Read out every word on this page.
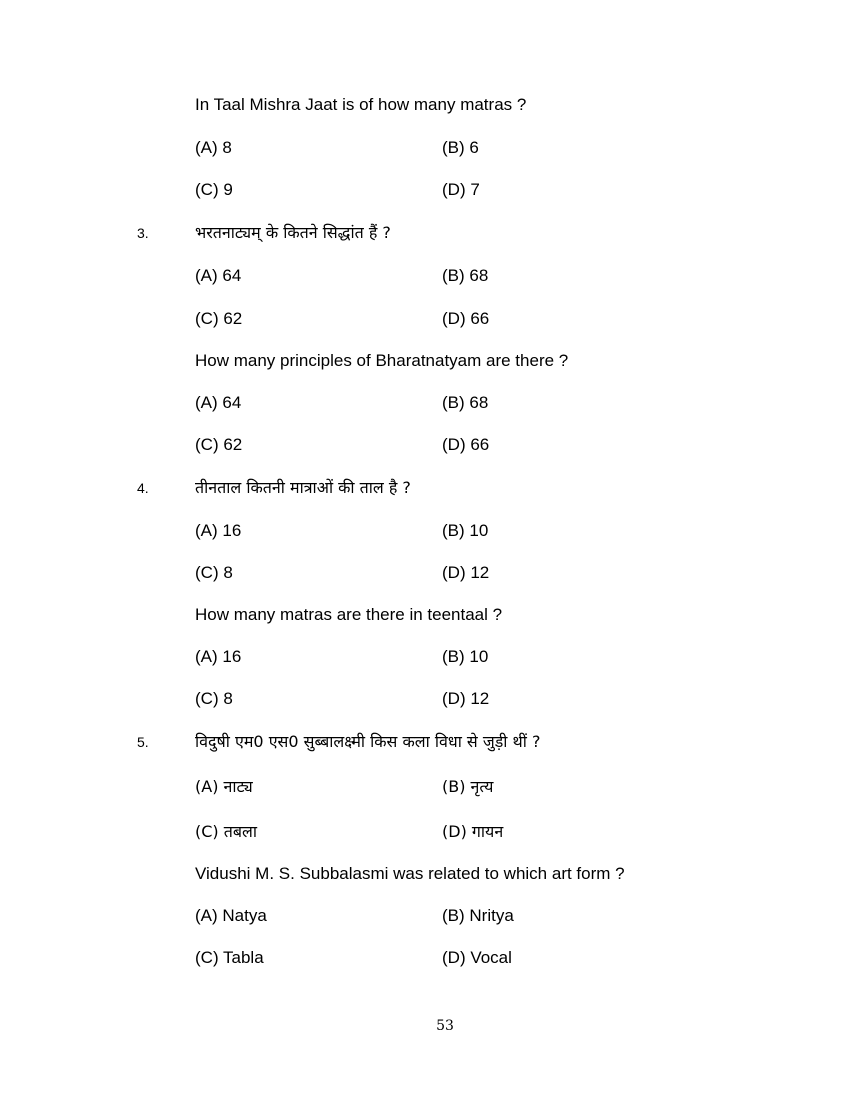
In Taal Mishra Jaat is of how many matras ?
(A) 8	(B) 6
(C) 9	(D) 7
3.	भरतनाट्यम् के कितने सिद्धांत हैं ?
(A) 64	(B) 68
(C) 62	(D) 66
How many principles of Bharatnatyam are there ?
(A) 64	(B) 68
(C) 62	(D) 66
4.	तीनताल कितनी मात्राओं की ताल है ?
(A) 16	(B) 10
(C) 8	(D) 12
How many matras are there in teentaal ?
(A) 16	(B) 10
(C) 8	(D) 12
5.	विदुषी एम0 एस0 सुब्बालक्ष्मी किस कला विधा से जुड़ी थीं ?
(A) नाट्य	(B) नृत्य
(C) तबला	(D) गायन
Vidushi M. S. Subbalasmi was related to which art form ?
(A) Natya	(B) Nritya
(C) Tabla	(D) Vocal
53
